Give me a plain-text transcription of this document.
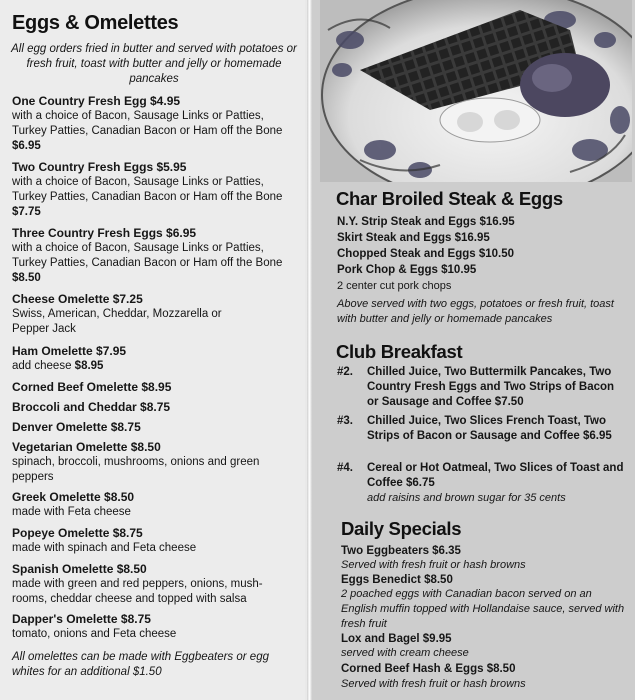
Eggs & Omelettes
All egg orders fried in butter and served with potatoes or fresh fruit, toast with butter and jelly or homemade pancakes
One Country Fresh Egg $4.95
with a choice of Bacon, Sausage Links or Patties, Turkey Patties, Canadian Bacon or Ham off the Bone $6.95
Two Country Fresh Eggs $5.95
with a choice of Bacon, Sausage Links or Patties, Turkey Patties, Canadian Bacon or Ham off the Bone $7.75
Three Country Fresh Eggs $6.95
with a choice of Bacon, Sausage Links or Patties, Turkey Patties, Canadian Bacon or Ham off the Bone $8.50
Cheese Omelette $7.25
Swiss, American, Cheddar, Mozzarella or Pepper Jack
Ham Omelette $7.95
add cheese $8.95
Corned Beef Omelette $8.95
Broccoli and Cheddar $8.75
Denver Omelette $8.75
Vegetarian Omelette $8.50
spinach, broccoli, mushrooms, onions and green peppers
Greek Omelette $8.50
made with Feta cheese
Popeye Omelette $8.75
made with spinach and Feta cheese
Spanish Omelette $8.50
made with green and red peppers, onions, mush-rooms, cheddar cheese and topped with salsa
Dapper's Omelette $8.75
tomato, onions and Feta cheese
All omelettes can be made with Eggbeaters or egg whites for an additional $1.50
Char Broiled Steak & Eggs
N.Y. Strip Steak and Eggs $16.95
Skirt Steak and Eggs $16.95
Chopped Steak and Eggs $10.50
Pork Chop & Eggs $10.95
2 center cut pork chops
Above served with two eggs, potatoes or fresh fruit, toast with butter and jelly or homemade pancakes
Club Breakfast
#2. Chilled Juice, Two Buttermilk Pancakes, Two Country Fresh Eggs and Two Strips of Bacon or Sausage and Coffee $7.50
#3. Chilled Juice, Two Slices French Toast, Two Strips of Bacon or Sausage and Coffee $6.95
#4. Cereal or Hot Oatmeal, Two Slices of Toast and Coffee $6.75
add raisins and brown sugar for 35 cents
Daily Specials
Two Eggbeaters $6.35
Served with fresh fruit or hash browns
Eggs Benedict $8.50
2 poached eggs with Canadian bacon served on an English muffin topped with Hollandaise sauce, served with fresh fruit
Lox and Bagel $9.95
served with cream cheese
Corned Beef Hash & Eggs $8.50
Served with fresh fruit or hash browns
